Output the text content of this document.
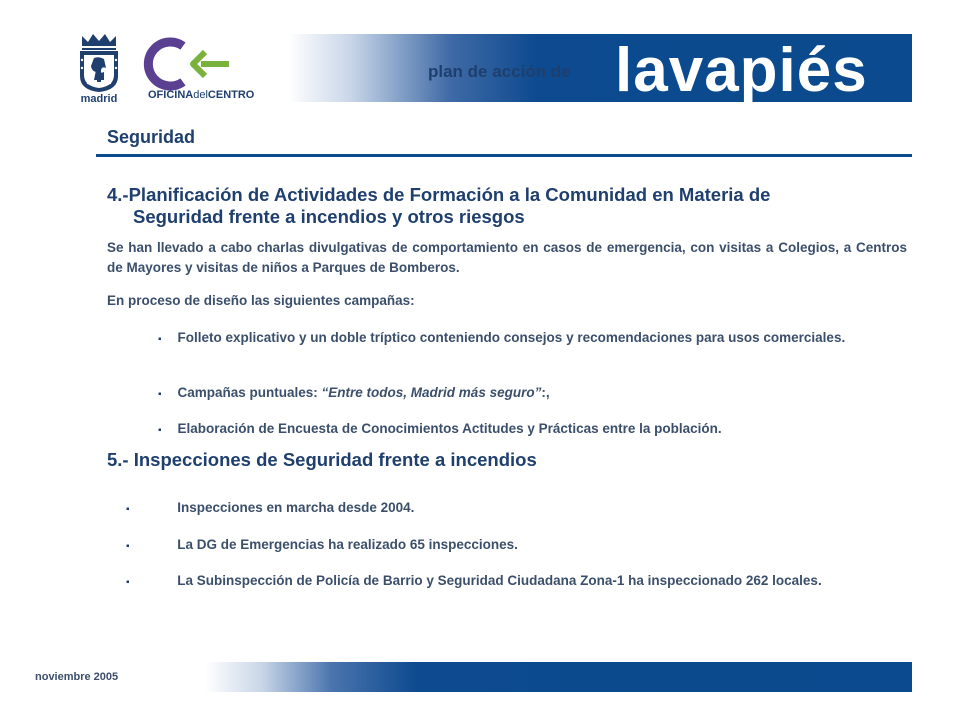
plan de acción de lavapiés
madrid	OFICINAdelCENTRO
Seguridad
4.-Planificación de Actividades de Formación a la Comunidad en Materia de
Seguridad frente a incendios y otros riesgos
Se han llevado a cabo charlas divulgativas de comportamiento en casos de emergencia, con visitas a Colegios, a Centros de Mayores y visitas de niños a Parques de Bomberos.
En proceso de diseño las siguientes campañas:
▪ Folleto explicativo y un doble tríptico conteniendo consejos y recomendaciones para usos comerciales.
▪ Campañas puntuales: “Entre todos, Madrid más seguro”:,
▪ Elaboración de Encuesta de Conocimientos Actitudes y Prácticas entre la población.
5.- Inspecciones de Seguridad frente a incendios
▪	Inspecciones en marcha desde 2004.
▪	La DG de Emergencias ha realizado 65 inspecciones.
▪	La Subinspección de Policía de Barrio y Seguridad Ciudadana Zona-1 ha inspeccionado 262 locales.
noviembre 2005
